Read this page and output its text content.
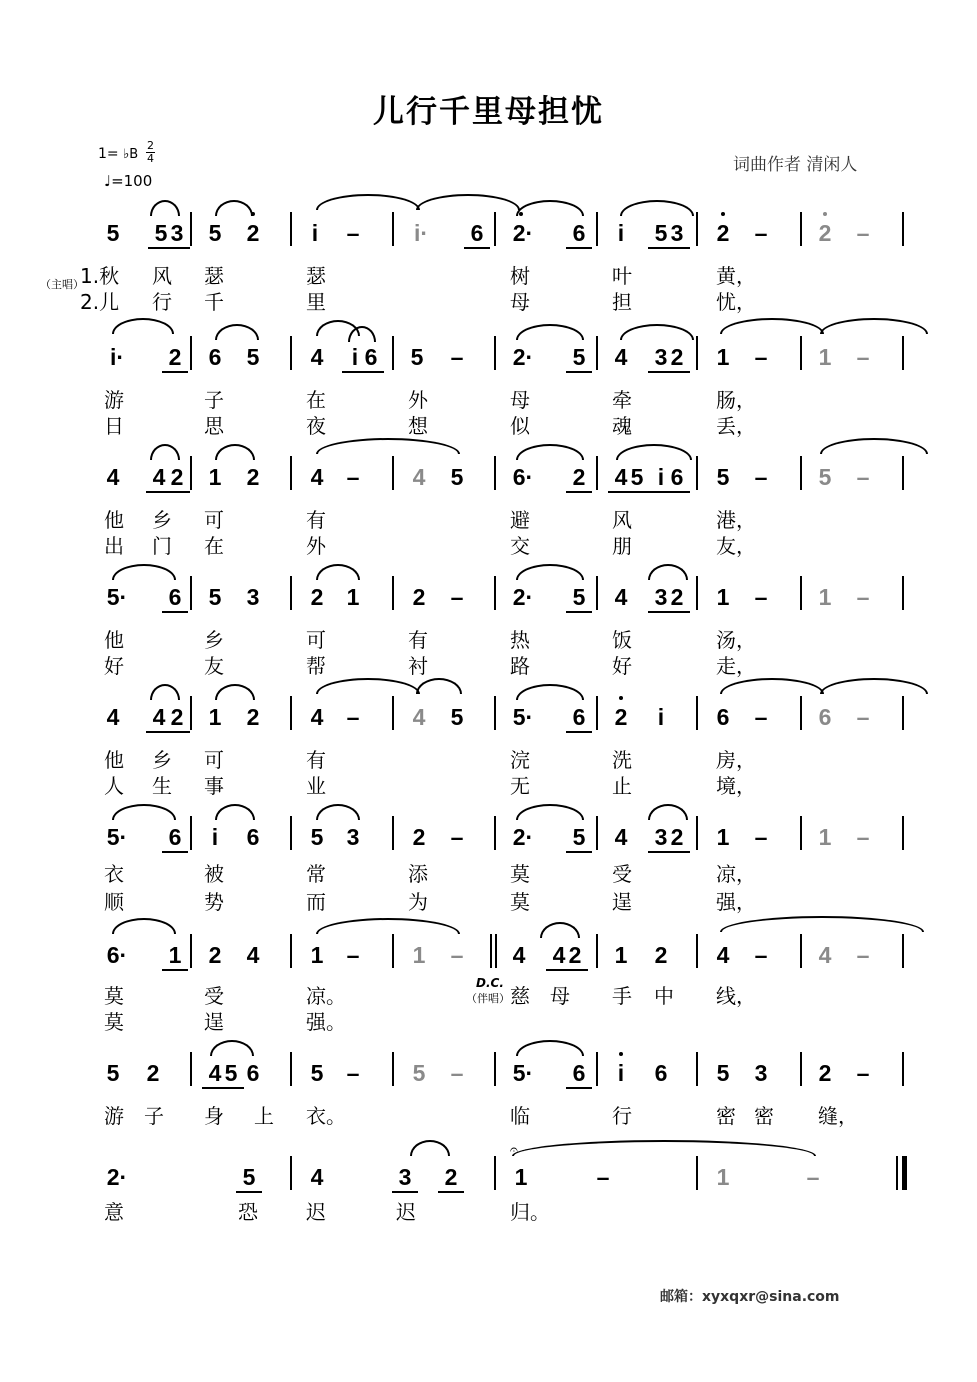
儿行千里母担忧
1= ♭B
2
4
♩=100
词曲作者 清闲人
5 5 3 5 2	i	– i· 6 2· 6	i	5 3 2 – 2 –
（主唱）
1.秋 风 瑟	瑟	树	叶	黄，
2.儿 行 千	里	母	担	忧，
i· 2 6 5 4	i 6 5 – 2· 5 4 3 2 1 – 1 –
游	子	在	外	母	牵	肠，
日	思	夜	想	似	魂	丢，
4 4 2 1 2 4 – 4 5 6· 2 4 5 i 6 5 – 5 –
他 乡 可	有	避	风	港，
出 门 在	外	交	朋	友，
5· 6 5 3 2 1 2 – 2· 5 4 3 2 1 – 1 –
他	乡	可	有	热	饭	汤，
好	友	帮	衬	路	好	走，
4 4 2 1 2 4 – 4 5 5· 6 2	i	6 – 6 –
他 乡 可	有	浣	洗	房，
人 生 事	业	无	止	境，
5· 6	i	6 5 3 2 – 2· 5 4 3 2 1 – 1 –
衣	被	常	添	莫	受	凉，
顺	势	而	为	莫	逞	强，
6· 1 2 4 1 – 1 – 4 4 2 1 2 4 – 4 –
D.C.
（伴唱）
莫	受	凉。	慈 母 手 中 线，
莫	逞	强。
5 2 4 5 6 5 – 5 – 5· 6	i	6 5 3 2 –
游 子 身 上 衣。	临	行	密 密 缝，
𝄐
2·	5 4	3 2 1	–	1	–
意	恐 迟	迟	归。
邮箱：xyxqxr@sina.com
